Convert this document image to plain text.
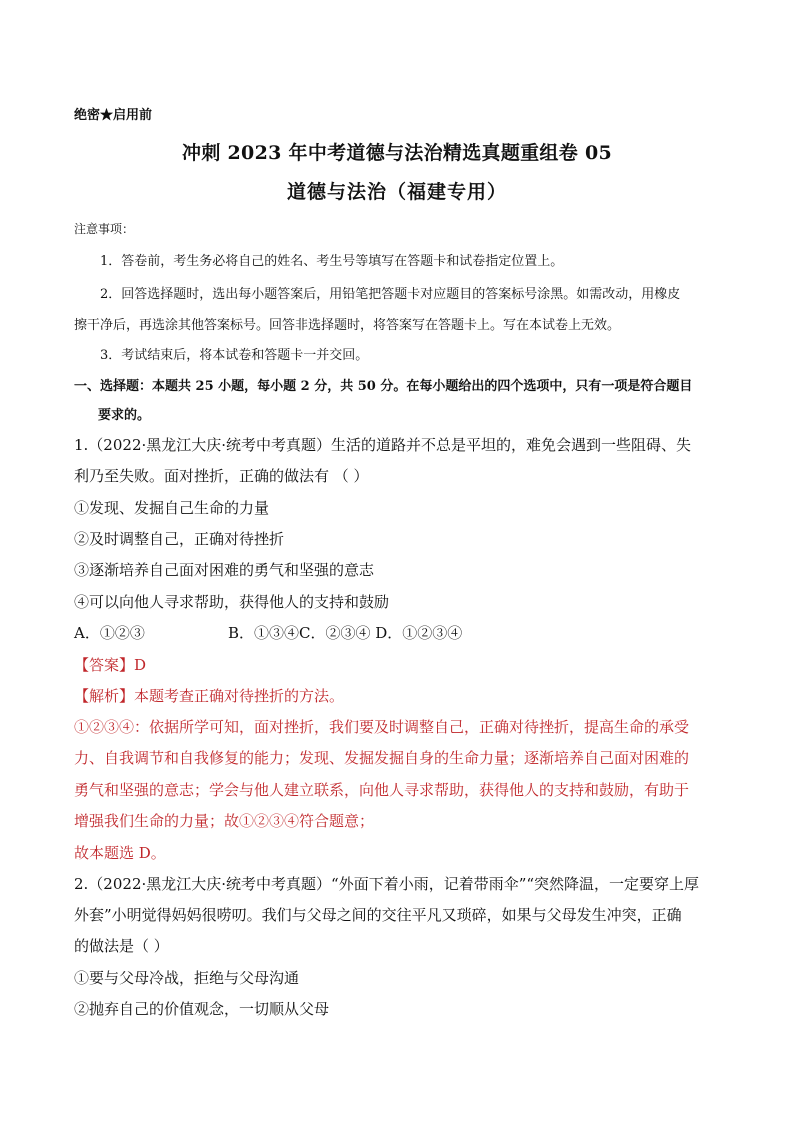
绝密★启用前
冲刺 2023 年中考道德与法治精选真题重组卷 05
道德与法治（福建专用）
注意事项：
1．答卷前，考生务必将自己的姓名、考生号等填写在答题卡和试卷指定位置上。
2．回答选择题时，选出每小题答案后，用铅笔把答题卡对应题目的答案标号涂黑。如需改动，用橡皮
擦干净后，再选涂其他答案标号。回答非选择题时，将答案写在答题卡上。写在本试卷上无效。
3．考试结束后，将本试卷和答题卡一并交回。
一、选择题：本题共 25 小题，每小题 2 分，共 50 分。在每小题给出的四个选项中，只有一项是符合题目
要求的。
1.（2022·黑龙江大庆·统考中考真题）生活的道路并不总是平坦的，难免会遇到一些阻碍、失
利乃至失败。面对挫折，正确的做法有 （ ）
①发现、发掘自己生命的力量
②及时调整自己，正确对待挫折
③逐渐培养自己面对困难的勇气和坚强的意志
④可以向他人寻求帮助，获得他人的支持和鼓励
A．①②③	B．①③④C．②③④ D．①②③④
【答案】D
【解析】本题考查正确对待挫折的方法。
①②③④：依据所学可知，面对挫折，我们要及时调整自己，正确对待挫折，提高生命的承受
力、自我调节和自我修复的能力；发现、发掘发掘自身的生命力量；逐渐培养自己面对困难的
勇气和坚强的意志；学会与他人建立联系，向他人寻求帮助，获得他人的支持和鼓励，有助于
增强我们生命的力量；故①②③④符合题意；
故本题选 D。
2.（2022·黑龙江大庆·统考中考真题）“外面下着小雨，记着带雨伞”“突然降温，一定要穿上厚
外套”小明觉得妈妈很唠叨。我们与父母之间的交往平凡又琐碎，如果与父母发生冲突，正确
的做法是（ ）
①要与父母冷战，拒绝与父母沟通
②抛弃自己的价值观念，一切顺从父母
